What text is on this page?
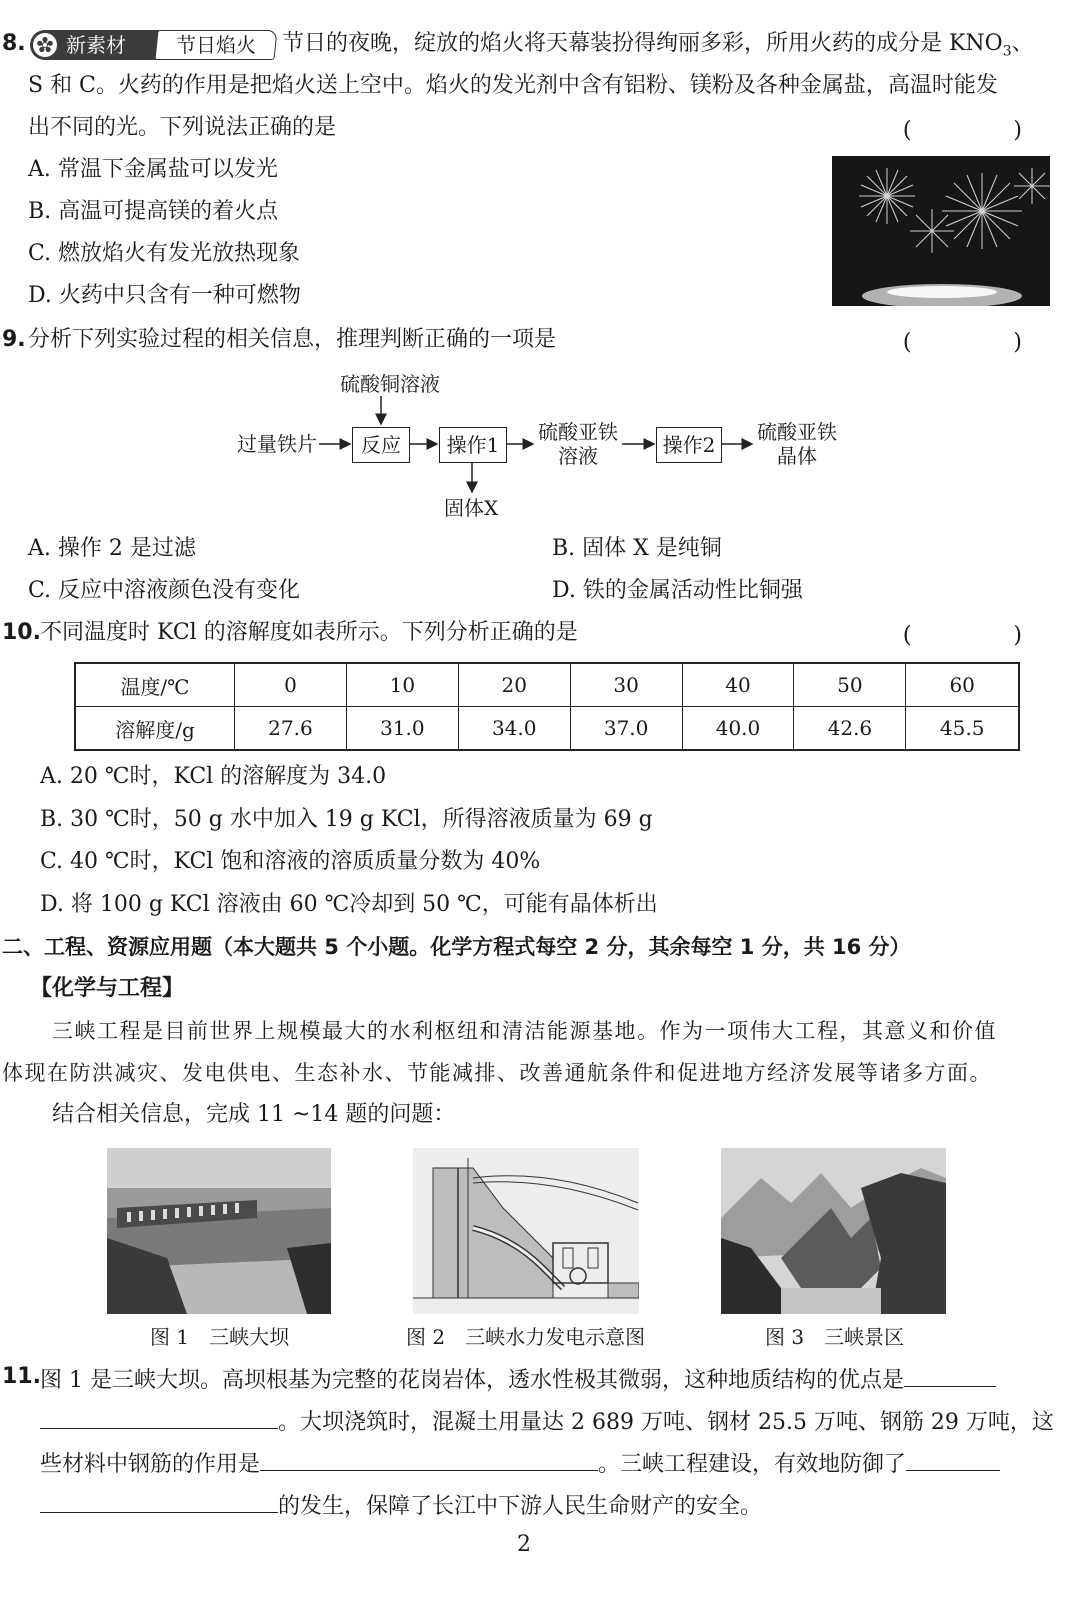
8. 新素材	节日焰火	节日的夜晚，绽放的焰火将天幕装扮得绚丽多彩，所用火药的成分是 $KNO_3$、
S 和 C。火药的作用是把焰火送上空中。焰火的发光剂中含有铝粉、镁粉及各种金属盐，高温时能发
出不同的光。下列说法正确的是	(　)
A. 常温下金属盐可以发光
B. 高温可提高镁的着火点
C. 燃放焰火有发光放热现象
D. 火药中只含有一种可燃物
9. 分析下列实验过程的相关信息，推理判断正确的一项是	(　)
硫酸铜溶液
过量铁片	反应	操作1
硫酸亚铁
溶液	操作2
硫酸亚铁
晶体
固体X
A. 操作 2 是过滤	B. 固体 X 是纯铜
C. 反应中溶液颜色没有变化	D. 铁的金属活动性比铜强
10. 不同温度时 KCl 的溶解度如表所示。下列分析正确的是	(　)
温度/℃	0	10	20	30	40	50	60
溶解度/g	27.6	31.0	34.0	37.0	40.0	42.6	45.5
A. 20 ℃时，KCl 的溶解度为 34.0
B. 30 ℃时，50 g 水中加入 19 g KCl，所得溶液质量为 69 g
C. 40 ℃时，KCl 饱和溶液的溶质质量分数为 40%
D. 将 100 g KCl 溶液由 60 ℃冷却到 50 ℃，可能有晶体析出
二、工程、资源应用题（本大题共 5 个小题。化学方程式每空 2 分，其余每空 1 分，共 16 分）
【化学与工程】
三峡工程是目前世界上规模最大的水利枢纽和清洁能源基地。作为一项伟大工程，其意义和价值
体现在防洪减灾、发电供电、生态补水、节能减排、改善通航条件和促进地方经济发展等诸多方面。
结合相关信息，完成 11 ~14 题的问题：
图 1　三峡大坝	图 2　三峡水力发电示意图	图 3　三峡景区
11. 图 1 是三峡大坝。高坝根基为完整的花岗岩体，透水性极其微弱，这种地质结构的优点是
。大坝浇筑时，混凝土用量达 2 689 万吨、钢材 25.5 万吨、钢筋 29 万吨，这
些材料中钢筋的作用是	。三峡工程建设，有效地防御了
的发生，保障了长江中下游人民生命财产的安全。
2
